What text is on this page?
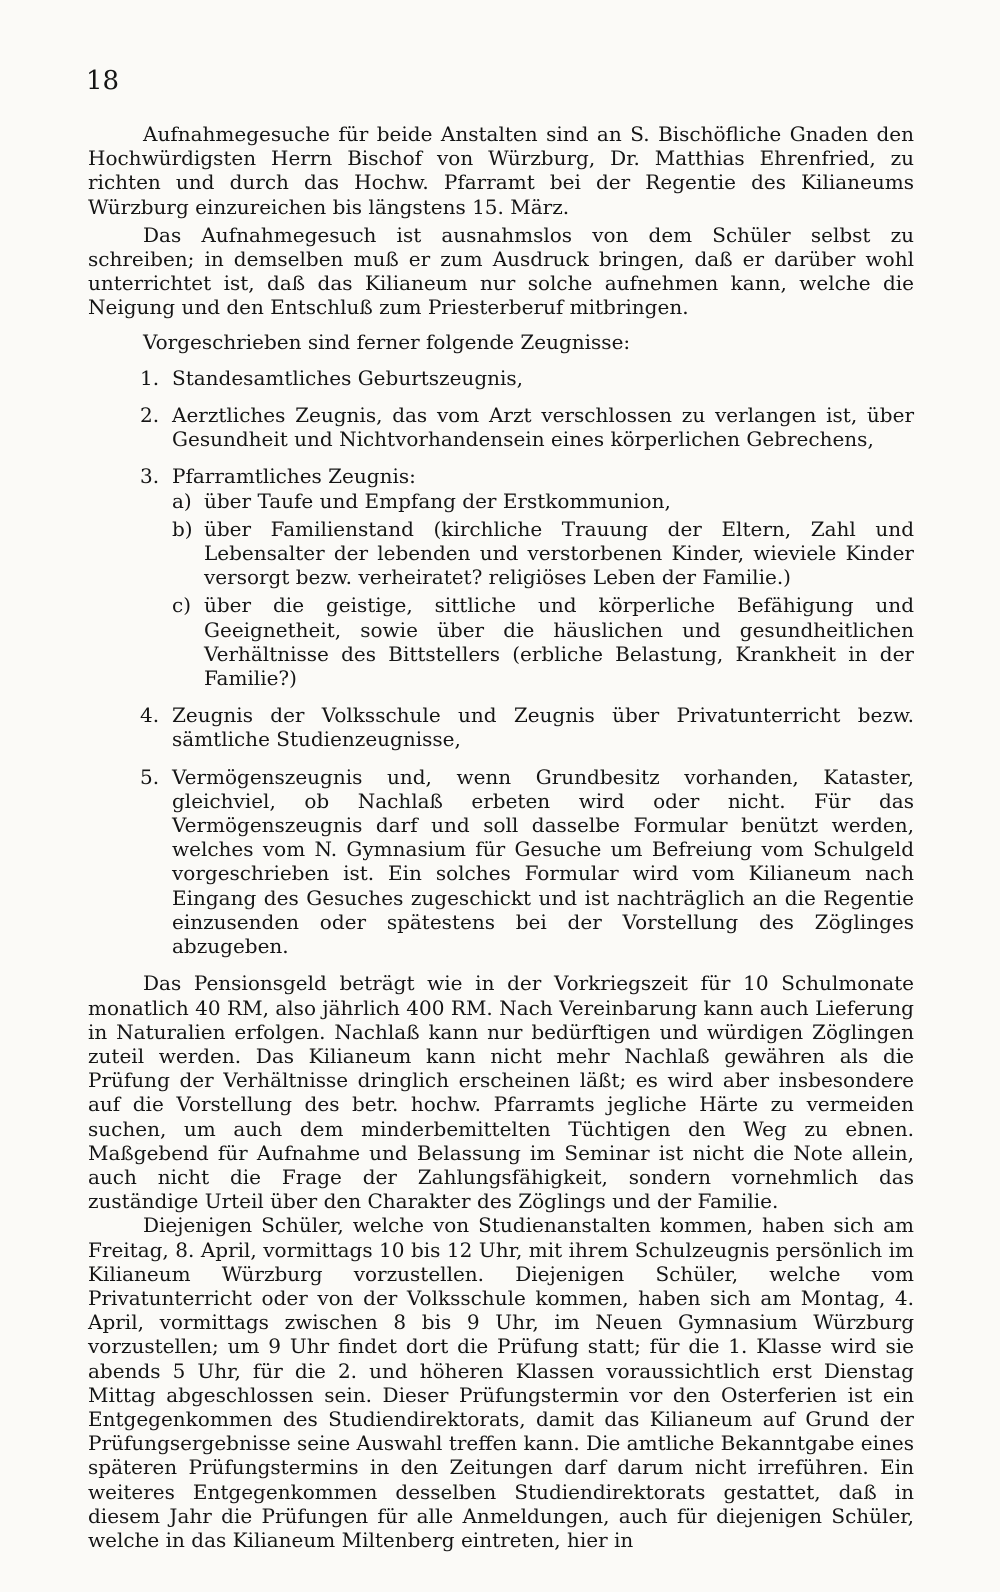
18

Aufnahmegesuche für beide Anstalten sind an S. Bischöfliche Gnaden den Hochwürdigsten Herrn Bischof von Würzburg, Dr. Matthias Ehrenfried, zu richten und durch das Hochw. Pfarramt bei der Regentie des Kilianeums Würzburg einzureichen bis längstens 15. März.

Das Aufnahmegesuch ist ausnahmslos von dem Schüler selbst zu schreiben; in demselben muß er zum Ausdruck bringen, daß er darüber wohl unterrichtet ist, daß das Kilianeum nur solche aufnehmen kann, welche die Neigung und den Entschluß zum Priesterberuf mitbringen.

Vorgeschrieben sind ferner folgende Zeugnisse:

1. Standesamtliches Geburtszeugnis,
2. Aerztliches Zeugnis, das vom Arzt verschlossen zu verlangen ist, über Gesundheit und Nichtvorhandensein eines körperlichen Gebrechens,
3. Pfarramtliches Zeugnis:
a) über Taufe und Empfang der Erstkommunion,
b) über Familienstand (kirchliche Trauung der Eltern, Zahl und Lebensalter der lebenden und verstorbenen Kinder, wieviele Kinder versorgt bezw. verheiratet? religiöses Leben der Familie.)
c) über die geistige, sittliche und körperliche Befähigung und Geeignetheit, sowie über die häuslichen und gesundheitlichen Verhältnisse des Bittstellers (erbliche Belastung, Krankheit in der Familie?)
4. Zeugnis der Volksschule und Zeugnis über Privatunterricht bezw. sämtliche Studienzeugnisse,
5. Vermögenszeugnis und, wenn Grundbesitz vorhanden, Kataster, gleichviel, ob Nachlaß erbeten wird oder nicht. Für das Vermögenszeugnis darf und soll dasselbe Formular benützt werden, welches vom N. Gymnasium für Gesuche um Befreiung vom Schulgeld vorgeschrieben ist. Ein solches Formular wird vom Kilianeum nach Eingang des Gesuches zugeschickt und ist nachträglich an die Regentie einzusenden oder spätestens bei der Vorstellung des Zöglinges abzugeben.

Das Pensionsgeld beträgt wie in der Vorkriegszeit für 10 Schulmonate monatlich 40 RM, also jährlich 400 RM. Nach Vereinbarung kann auch Lieferung in Naturalien erfolgen. Nachlaß kann nur bedürftigen und würdigen Zöglingen zuteil werden. Das Kilianeum kann nicht mehr Nachlaß gewähren als die Prüfung der Verhältnisse dringlich erscheinen läßt; es wird aber insbesondere auf die Vorstellung des betr. hochw. Pfarramts jegliche Härte zu vermeiden suchen, um auch dem minderbemittelten Tüchtigen den Weg zu ebnen. Maßgebend für Aufnahme und Belassung im Seminar ist nicht die Note allein, auch nicht die Frage der Zahlungsfähigkeit, sondern vornehmlich das zuständige Urteil über den Charakter des Zöglings und der Familie.

Diejenigen Schüler, welche von Studienanstalten kommen, haben sich am Freitag, 8. April, vormittags 10 bis 12 Uhr, mit ihrem Schulzeugnis persönlich im Kilianeum Würzburg vorzustellen. Diejenigen Schüler, welche vom Privatunterricht oder von der Volksschule kommen, haben sich am Montag, 4. April, vormittags zwischen 8 bis 9 Uhr, im Neuen Gymnasium Würzburg vorzustellen; um 9 Uhr findet dort die Prüfung statt; für die 1. Klasse wird sie abends 5 Uhr, für die 2. und höheren Klassen voraussichtlich erst Dienstag Mittag abgeschlossen sein. Dieser Prüfungstermin vor den Osterferien ist ein Entgegenkommen des Studiendirektorats, damit das Kilianeum auf Grund der Prüfungsergebnisse seine Auswahl treffen kann. Die amtliche Bekanntgabe eines späteren Prüfungstermins in den Zeitungen darf darum nicht irreführen. Ein weiteres Entgegenkommen desselben Studiendirektorats gestattet, daß in diesem Jahr die Prüfungen für alle Anmeldungen, auch für diejenigen Schüler, welche in das Kilianeum Miltenberg eintreten, hier in
